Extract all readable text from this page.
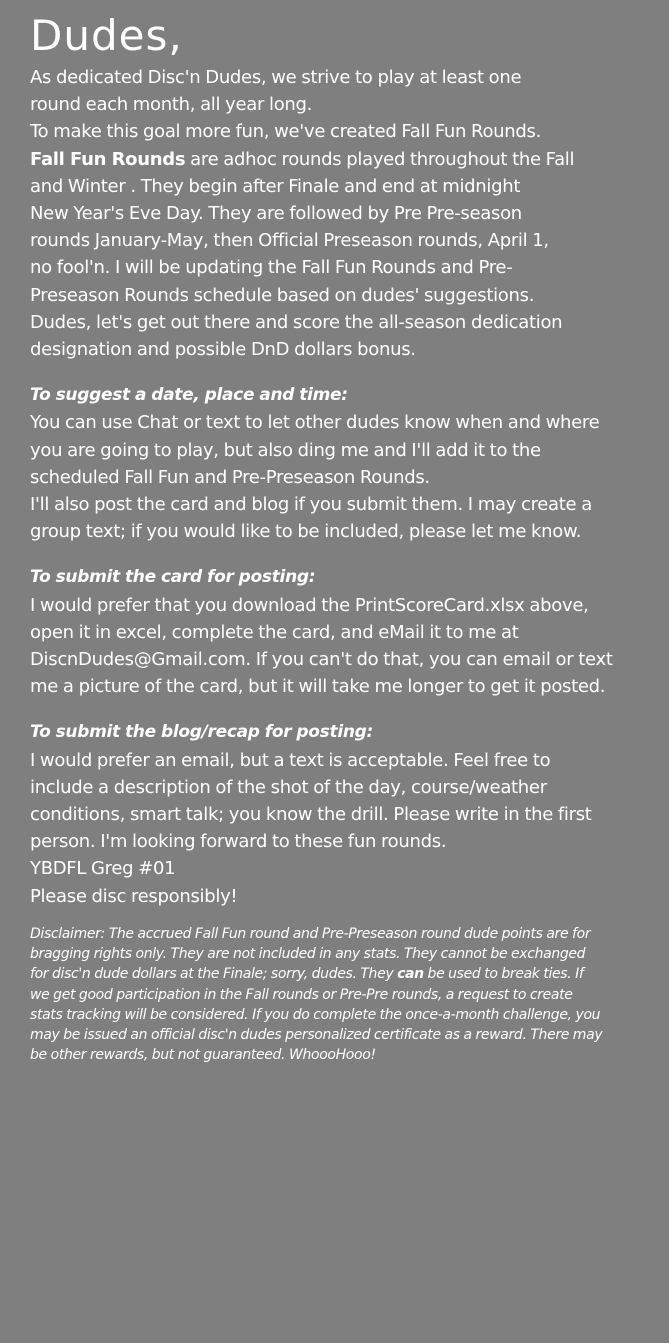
Dudes,
As dedicated Disc'n Dudes, we strive to play at least one
round each month, all year long.
To make this goal more fun, we've created Fall Fun Rounds.
Fall Fun Rounds are adhoc rounds played throughout the Fall
and Winter . They begin after Finale and end at midnight
New Year's Eve Day. They are followed by Pre Pre-season
rounds January-May, then Official Preseason rounds, April 1,
no fool'n. I will be updating the Fall Fun Rounds and Pre-
Preseason Rounds schedule based on dudes' suggestions.
Dudes, let's get out there and score the all-season dedication
designation and possible DnD dollars bonus.
To suggest a date, place and time:
You can use Chat or text to let other dudes know when and where
you are going to play, but also ding me and I'll add it to the
scheduled Fall Fun and Pre-Preseason Rounds.
I'll also post the card and blog if you submit them. I may create a
group text; if you would like to be included, please let me know.
To submit the card for posting:
I would prefer that you download the PrintScoreCard.xlsx above,
open it in excel, complete the card, and eMail it to me at
DiscnDudes@Gmail.com. If you can't do that, you can email or text
me a picture of the card, but it will take me longer to get it posted.
To submit the blog/recap for posting:
I would prefer an email, but a text is acceptable. Feel free to
include a description of the shot of the day, course/weather
conditions, smart talk; you know the drill. Please write in the first
person. I'm looking forward to these fun rounds.
YBDFL Greg #01
Please disc responsibly!
Disclaimer: The accrued Fall Fun round and Pre-Preseason round dude points are for
bragging rights only. They are not included in any stats. They cannot be exchanged
for disc'n dude dollars at the Finale; sorry, dudes. They can be used to break ties. If
we get good participation in the Fall rounds or Pre-Pre rounds, a request to create
stats tracking will be considered. If you do complete the once-a-month challenge, you
may be issued an official disc'n dudes personalized certificate as a reward. There may
be other rewards, but not guaranteed. WhoooHooo!
